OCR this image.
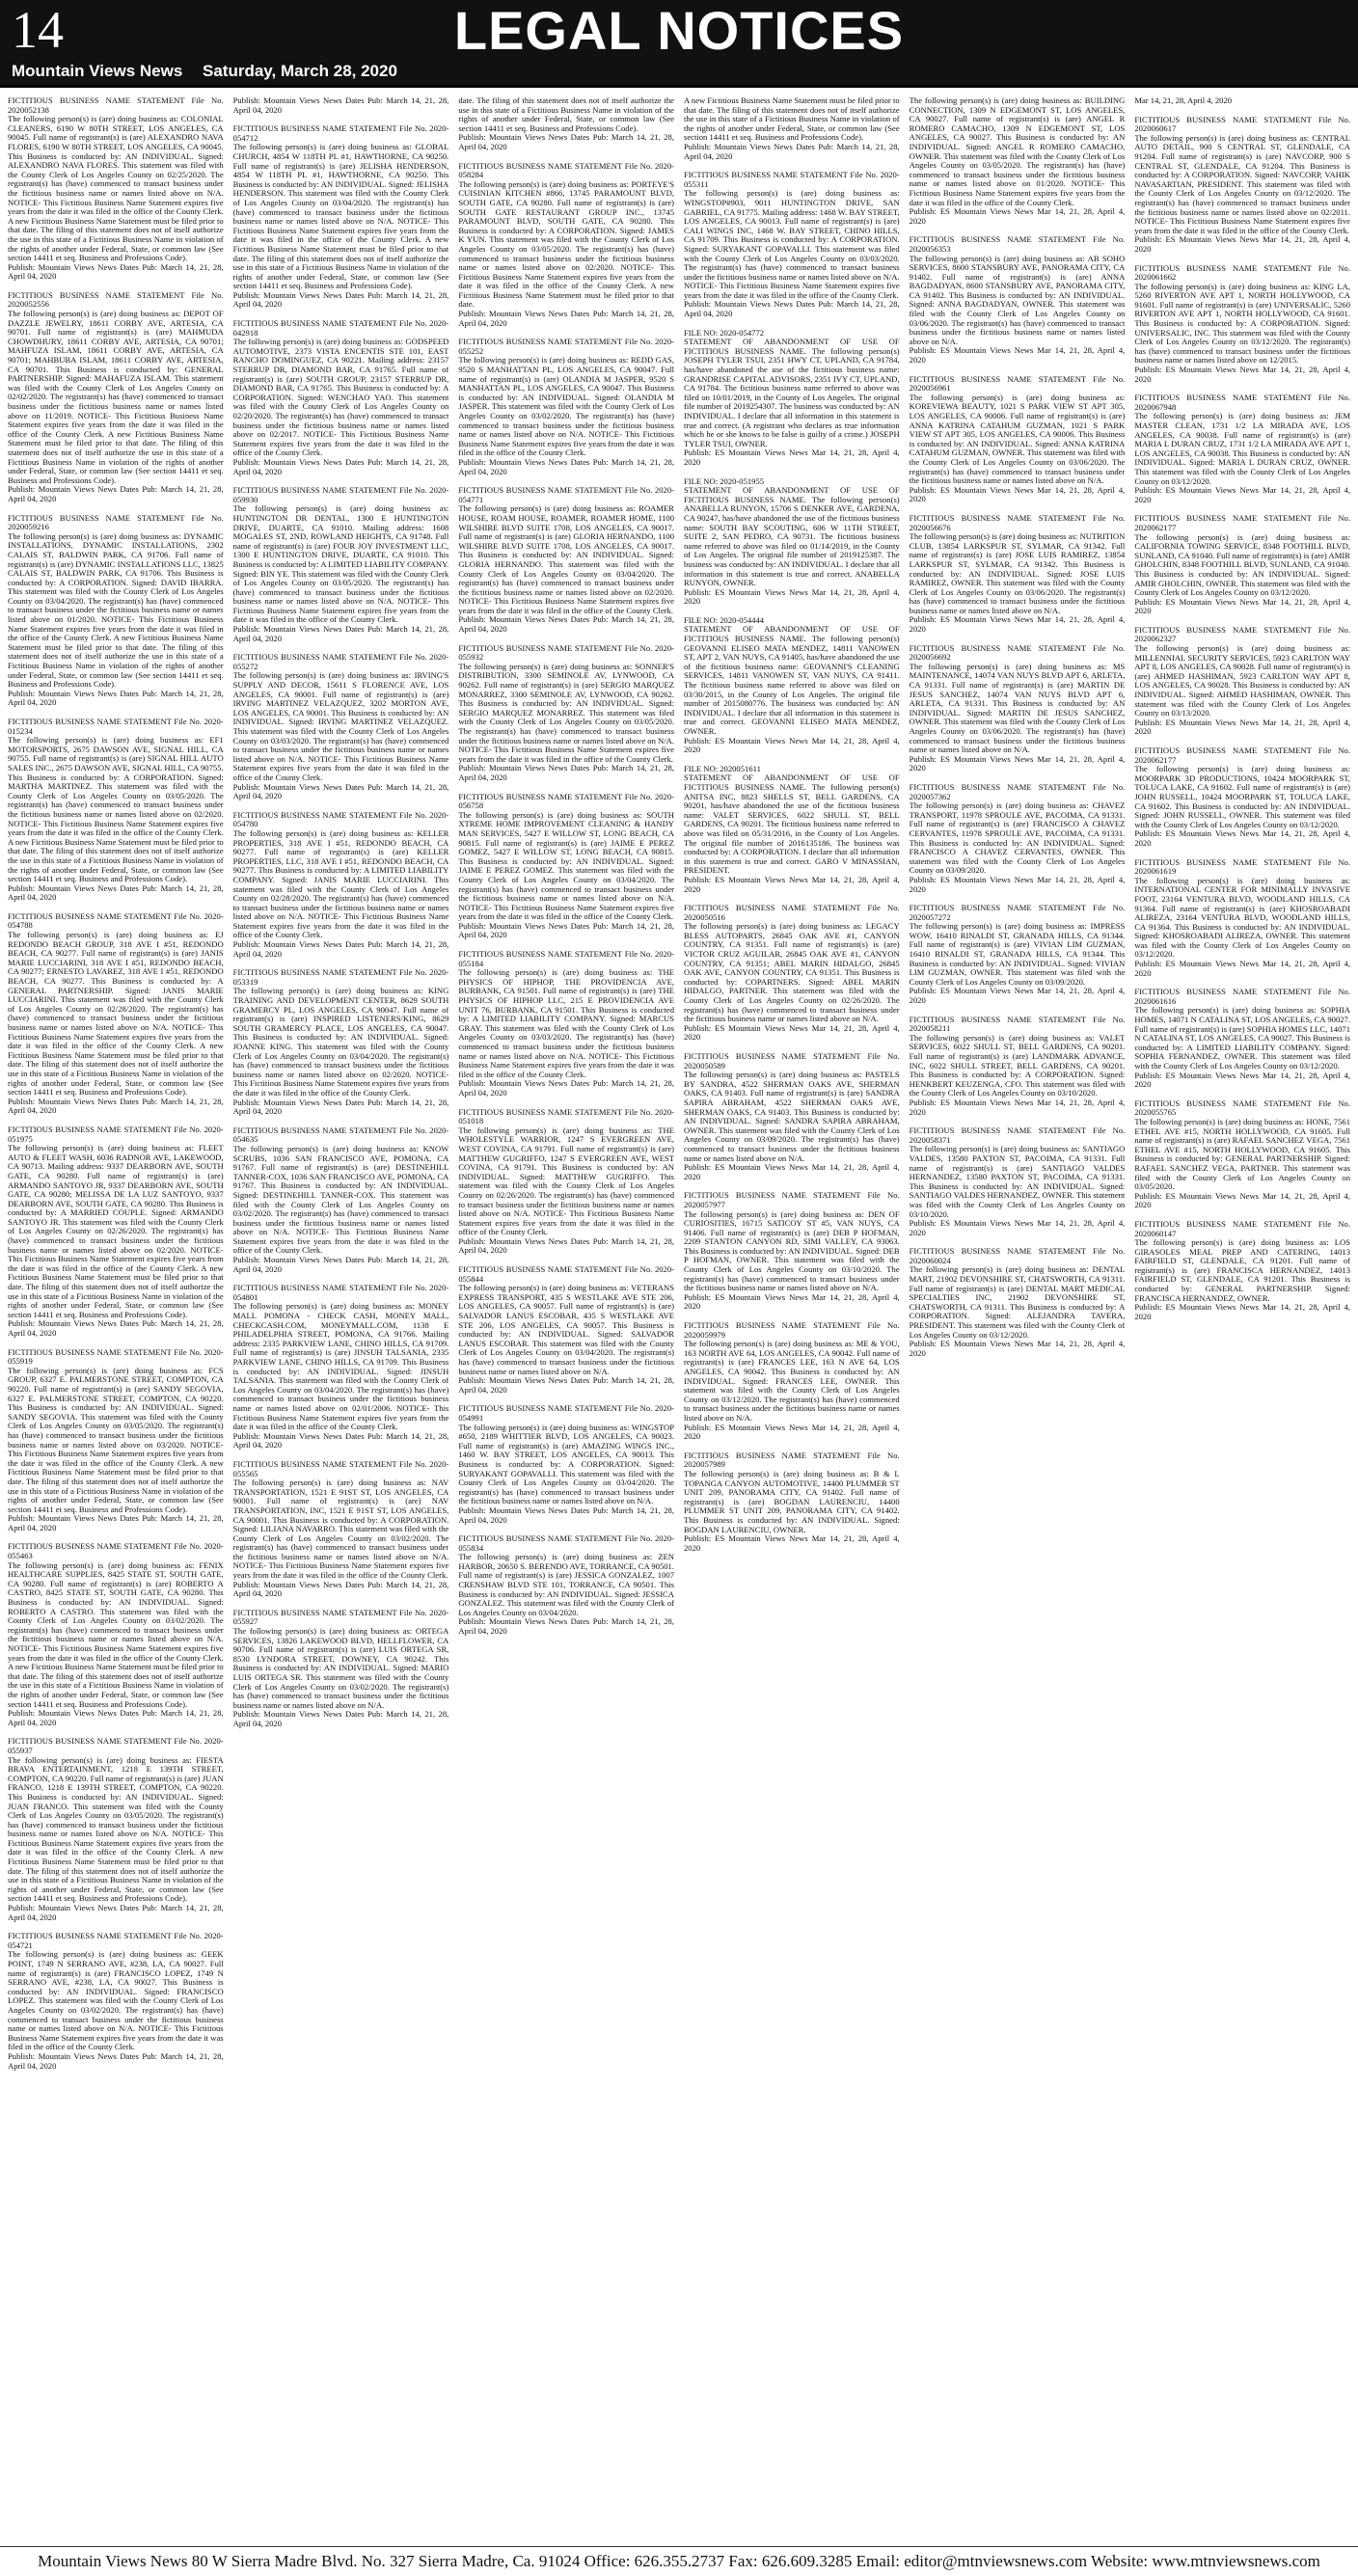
14	LEGAL NOTICES
Mountain Views News Saturday, March 28, 2020
FICTITIOUS BUSINESS NAME STATEMENT File No. 2020052138
The following person(s) is (are) doing business as: COLONIAL CLEANERS, 6190 W 80TH STREET, LOS ANGELES, CA 90045. Full name of registrant(s) is (are) ALEXANDRO NAVA FLORES, 6190 W 80TH STREET, LOS ANGELES, CA 90045. This Business is conducted by: AN INDIVIDUAL. Signed: ALEXANDRO NAVA FLORES. This statement was filed with the County Clerk of Los Angeles County on 02/25/2020. The registrant(s) has (have) commenced to transact business under the fictitious business name or names listed above on N/A. NOTICE- This Fictitious Business Name Statement expires five years from the date it was filed in the office of the County Clerk. A new Fictitious Business Name Statement must be filed prior to that date. The filing of this statement does not of itself authorize the use in this state of a Fictitious Business Name in violation of the rights of another under Federal, State, or common law (See section 14411 et seq. Business and Professions Code).
Publish: Mountain Views News Dates Pub: March 14, 21, 28, April 04, 2020
FICTITIOUS BUSINESS NAME STATEMENT File No. 2020052556
The following person(s) is (are) doing business as: DEPOT OF DAZZLE JEWELRY, 18611 CORBY AVE, ARTESIA, CA 90701. Full name of registrant(s) is (are) MAHMUDA CHOWDHURY, 18611 CORBY AVE, ARTESIA, CA 90701; MAHFUZA ISLAM, 18611 CORBY AVE, ARTESIA, CA 90701; MAHBUBA ISLAM, 18611 CORBY AVE, ARTESIA, CA 90701. This Business is conducted by: GENERAL PARTNERSHIP. Signed: MAHAFUZA ISLAM. This statement was filed with the County Clerk of Los Angeles County on 02/02/2020. The registrant(s) has (have) commenced to transact business under the fictitious business name or names listed above on 11/2019. NOTICE- This Fictitious Business Name Statement expires five years from the date it was filed in the office of the County Clerk. A new Fictitious Business Name Statement must be filed prior to that date. The filing of this statement does not of itself authorize the use in this state of a Fictitious Business Name in violation of the rights of another under Federal, State, or common law (See section 14411 et seq. Business and Professions Code).
Publish: Mountain Views News Dates Pub: March 14, 21, 28, April 04, 2020
FICTITIOUS BUSINESS NAME STATEMENT File No. 2020059216
The following person(s) is (are) doing business as: DYNAMIC INSTALLATIONS, DYNAMIC INSTALLATIONS, 2302 CALAIS ST, BALDWIN PARK, CA 91706. Full name of registrant(s) is (are) DYNAMIC INSTALLATIONS LLC, 13825 CALAIS ST, BALDWIN PARK, CA 91706. This Business is conducted by: A CORPORATION. Signed: DAVID IBARRA. This statement was filed with the County Clerk of Los Angeles County on 03/04/2020. The registrant(s) has (have) commenced to transact business under the fictitious business name or names listed above on 01/2020. NOTICE- This Fictitious Business Name Statement expires five years from the date it was filed in the office of the County Clerk. A new Fictitious Business Name Statement must be filed prior to that date. The filing of this statement does not of itself authorize the use in this state of a Fictitious Business Name in violation of the rights of another under Federal, State, or common law (See section 14411 et seq. Business and Professions Code).
Publish: Mountain Views News Dates Pub: March 14, 21, 28, April 04, 2020
FICTITIOUS BUSINESS NAME STATEMENT File No. 2020-015234
The following person(s) is (are) doing business as: EF1 MOTORSPORTS, 2675 DAWSON AVE, SIGNAL HILL, CA 90755. Full name of registrant(s) is (are) SIGNAL HILL AUTO SALES INC., 2675 DAWSON AVE, SIGNAL HILL, CA 90755. This Business is conducted by: A CORPORATION. Signed: MARTHA MARTINEZ. This statement was filed with the County Clerk of Los Angeles County on 03/05/2020. The registrant(s) has (have) commenced to transact business under the fictitious business name or names listed above on 02/2020. NOTICE- This Fictitious Business Name Statement expires five years from the date it was filed in the office of the County Clerk. A new Fictitious Business Name Statement must be filed prior to that date. The filing of this statement does not of itself authorize the use in this state of a Fictitious Business Name in violation of the rights of another under Federal, State, or common law (See section 14411 et seq. Business and Professions Code).
Publish: Mountain Views News Dates Pub: March 14, 21, 28, April 04, 2020
FICTITIOUS BUSINESS NAME STATEMENT File No. 2020-054788
The following person(s) is (are) doing business as: EJ REDONDO BEACH GROUP, 318 AVE I #51, REDONDO BEACH, CA 90277. Full name of registrant(s) is (are) JANIS MARIE LUCCIARINI, 318 AVE I #51, REDONDO BEACH, CA 90277; ERNESTO LAVAREZ, 318 AVE I #51, REDONDO BEACH, CA 90277. This Business is conducted by: A GENERAL PARTNERSHIP. Signed: JANIS MARIE LUCCIARINI. This statement was filed with the County Clerk of Los Angeles County on 02/28/2020. The registrant(s) has (have) commenced to transact business under the fictitious business name or names listed above on N/A. NOTICE- This Fictitious Business Name Statement expires five years from the date it was filed in the office of the County Clerk. A new Fictitious Business Name Statement must be filed prior to that date. The filing of this statement does not of itself authorize the use in this state of a Fictitious Business Name in violation of the rights of another under Federal, State, or common law (See section 14411 et seq. Business and Professions Code).
Publish: Mountain Views News Dates Pub: March 14, 21, 28, April 04, 2020
FICTITIOUS BUSINESS NAME STATEMENT File No. 2020-051975
The following person(s) is (are) doing business as: FLEET AUTO & FLEET WASH, 6036 RADNOR AVE, LAKEWOOD, CA 90713. Mailing address: 9337 DEARBORN AVE, SOUTH GATE, CA 90280. Full name of registrant(s) is (are) ARMANDO SANTOYO JR, 9337 DEARBORN AVE, SOUTH GATE, CA 90280; MELISSA DE LA LUZ SANTOYO, 9337 DEARBORN AVE, SOUTH GATE, CA 90280. This Business is conducted by: A MARRIED COUPLE. Signed: ARMANDO SANTOYO JR. This statement was filed with the County Clerk of Los Angeles County on 02/26/2020. The registrant(s) has (have) commenced to transact business under the fictitious business name or names listed above on 02/2020. NOTICE- This Fictitious Business Name Statement expires five years from the date it was filed in the office of the County Clerk. A new Fictitious Business Name Statement must be filed prior to that date. The filing of this statement does not of itself authorize the use in this state of a Fictitious Business Name in violation of the rights of another under Federal, State, or common law (See section 14411 et seq. Business and Professions Code).
Publish: Mountain Views News Dates Pub: March 14, 21, 28, April 04, 2020
FICTITIOUS BUSINESS NAME STATEMENT File No. 2020-055919
The following person(s) is (are) doing business as: FCS GROUP, 6327 E. PALMERSTONE STREET, COMPTON, CA 90220. Full name of registrant(s) is (are) SANDY SEGOVIA, 6327 E. PALMERSTONE STREET, COMPTON, CA 90220. This Business is conducted by: AN INDIVIDUAL. Signed: SANDY SEGOVIA. This statement was filed with the County Clerk of Los Angeles County on 03/05/2020. The registrant(s) has (have) commenced to transact business under the fictitious business name or names listed above on 03/2020. NOTICE- This Fictitious Business Name Statement expires five years from the date it was filed in the office of the County Clerk. A new Fictitious Business Name Statement must be filed prior to that date. The filing of this statement does not of itself authorize the use in this state of a Fictitious Business Name in violation of the rights of another under Federal, State, or common law (See section 14411 et seq. Business and Professions Code).
Publish: Mountain Views News Dates Pub: March 14, 21, 28, April 04, 2020
FICTITIOUS BUSINESS NAME STATEMENT File No. 2020-055463
The following person(s) is (are) doing business as: FENIX HEALTHCARE SUPPLIES, 8425 STATE ST, SOUTH GATE, CA 90280. Full name of registrant(s) is (are) ROBERTO A CASTRO, 8425 STATE ST, SOUTH GATE, CA 90280. This Business is conducted by: AN INDIVIDUAL. Signed: ROBERTO A CASTRO. This statement was filed with the County Clerk of Los Angeles County on 03/02/2020. The registrant(s) has (have) commenced to transact business under the fictitious business name or names listed above on N/A. NOTICE- This Fictitious Business Name Statement expires five years from the date it was filed in the office of the County Clerk. A new Fictitious Business Name Statement must be filed prior to that date. The filing of this statement does not of itself authorize the use in this state of a Fictitious Business Name in violation of the rights of another under Federal, State, or common law (See section 14411 et seq. Business and Professions Code).
Publish: Mountain Views News Dates Pub: March 14, 21, 28, April 04, 2020
FICTITIOUS BUSINESS NAME STATEMENT File No. 2020-055937
The following person(s) is (are) doing business as: FIESTA BRAVA ENTERTAINMENT, 1218 E 139TH STREET, COMPTON, CA 90220. Full name of registrant(s) is (are) JUAN FRANCO, 1218 E 139TH STREET, COMPTON, CA 90220. This Business is conducted by: AN INDIVIDUAL. Signed: JUAN FRANCO. This statement was filed with the County Clerk of Los Angeles County on 03/05/2020. The registrant(s) has (have) commenced to transact business under the fictitious business name or names listed above on N/A. NOTICE- This Fictitious Business Name Statement expires five years from the date it was filed in the office of the County Clerk. A new Fictitious Business Name Statement must be filed prior to that date. The filing of this statement does not of itself authorize the use in this state of a Fictitious Business Name in violation of the rights of another under Federal, State, or common law (See section 14411 et seq. Business and Professions Code).
Publish: Mountain Views News Dates Pub: March 14, 21, 28, April 04, 2020
FICTITIOUS BUSINESS NAME STATEMENT File No. 2020-054721
The following person(s) is (are) doing business as: GEEK POINT, 1749 N SERRANO AVE, #238, LA, CA 90027. Full name of registrant(s) is (are) FRANCISCO LOPEZ, 1749 N SERRANO AVE, #238, LA, CA 90027. This Business is conducted by: AN INDIVIDUAL. Signed: FRANCISCO LOPEZ. This statement was filed with the County Clerk of Los Angeles County on 03/02/2020. The registrant(s) has (have) commenced to transact business under the fictitious business name or names listed above on N/A. NOTICE- This Fictitious Business Name Statement expires five years from the date it was filed in the office of the County Clerk.
Publish: Mountain Views News Dates Pub: March 14, 21, 28, April 04, 2020
Publish: Mountain Views News Dates Pub: March 14, 21, 28, April 04, 2020
FICTITIOUS BUSINESS NAME STATEMENT File No. 2020-054712
The following person(s) is (are) doing business as: GLOBAL CHURCH, 4854 W 118TH PL #1, HAWTHORNE, CA 90250. Full name of registrant(s) is (are) JELISHA HENDERSON, 4854 W 118TH PL #1, HAWTHORNE, CA 90250. This Business is conducted by: AN INDIVIDUAL. Signed: JELISHA HENDERSON. This statement was filed with the County Clerk of Los Angeles County on 03/04/2020. The registrant(s) has (have) commenced to transact business under the fictitious business name or names listed above on N/A. NOTICE- This Fictitious Business Name Statement expires five years from the date it was filed in the office of the County Clerk. A new Fictitious Business Name Statement must be filed prior to that date. The filing of this statement does not of itself authorize the use in this state of a Fictitious Business Name in violation of the rights of another under Federal, State, or common law (See section 14411 et seq. Business and Professions Code).
Publish: Mountain Views News Dates Pub: March 14, 21, 28, April 04, 2020
FICTITIOUS BUSINESS NAME STATEMENT File No. 2020-042918
The following person(s) is (are) doing business as: GODSPEED AUTOMOTIVE, 2373 VISTA ENCENTIS STE 101, EAST RANCHO DOMINGUEZ, CA 90221. Mailing address: 23157 STERRUP DR, DIAMOND BAR, CA 91765. Full name of registrant(s) is (are) SOUTH GROUP, 23157 STERRUP DR, DIAMOND BAR, CA 91765. This Business is conducted by: A CORPORATION. Signed: WENCHAO YAO. This statement was filed with the County Clerk of Los Angeles County on 02/20/2020. The registrant(s) has (have) commenced to transact business under the fictitious business name or names listed above on 02/2017. NOTICE- This Fictitious Business Name Statement expires five years from the date it was filed in the office of the County Clerk.
Publish: Mountain Views News Dates Pub: March 14, 21, 28, April 04, 2020
FICTITIOUS BUSINESS NAME STATEMENT File No. 2020-059930
The following person(s) is (are) doing business as: HUNTINGTON DR DENTAL, 1300 E HUNTINGTON DRIVE, DUARTE, CA 91010. Mailing address: 1608 MOGALES ST, 2ND, ROWLAND HEIGHTS, CA 91748. Full name of registrant(s) is (are) FOUR JOY INVESTMENT LLC, 1300 E HUNTINGTON DRIVE, DUARTE, CA 91010. This Business is conducted by: A LIMITED LIABILITY COMPANY. Signed: BIN YE. This statement was filed with the County Clerk of Los Angeles County on 03/05/2020. The registrant(s) has (have) commenced to transact business under the fictitious business name or names listed above on N/A. NOTICE- This Fictitious Business Name Statement expires five years from the date it was filed in the office of the County Clerk.
Publish: Mountain Views News Dates Pub: March 14, 21, 28, April 04, 2020
FICTITIOUS BUSINESS NAME STATEMENT File No. 2020-055272
The following person(s) is (are) doing business as: IRVING'S SUPPLY AND DECOR, 15611 S FLORENCE AVE, LOS ANGELES, CA 90001. Full name of registrant(s) is (are) IRVING MARTINEZ VELAZQUEZ, 3202 MORTON AVE, LOS ANGELES, CA 90001. This Business is conducted by: AN INDIVIDUAL. Signed: IRVING MARTINEZ VELAZQUEZ. This statement was filed with the County Clerk of Los Angeles County on 03/03/2020. The registrant(s) has (have) commenced to transact business under the fictitious business name or names listed above on N/A. NOTICE- This Fictitious Business Name Statement expires five years from the date it was filed in the office of the County Clerk.
Publish: Mountain Views News Dates Pub: March 14, 21, 28, April 04, 2020
FICTITIOUS BUSINESS NAME STATEMENT File No. 2020-054780
The following person(s) is (are) doing business as: KELLER PROPERTIES, 318 AVE I #51, REDONDO BEACH, CA 90277. Full name of registrant(s) is (are) KELLER PROPERTIES, LLC, 318 AVE I #51, REDONDO BEACH, CA 90277. This Business is conducted by: A LIMITED LIABILITY COMPANY. Signed: JANIS MARIE LUCCIARINI. This statement was filed with the County Clerk of Los Angeles County on 02/28/2020. The registrant(s) has (have) commenced to transact business under the fictitious business name or names listed above on N/A. NOTICE- This Fictitious Business Name Statement expires five years from the date it was filed in the office of the County Clerk.
Publish: Mountain Views News Dates Pub: March 14, 21, 28, April 04, 2020
FICTITIOUS BUSINESS NAME STATEMENT File No. 2020-053319
The following person(s) is (are) doing business as: KING TRAINING AND DEVELOPMENT CENTER, 8629 SOUTH GRAMERCY PL, LOS ANGELES, CA 90047. Full name of registrant(s) is (are) INSPIRED LISTENERS/KING, 8629 SOUTH GRAMERCY PLACE, LOS ANGELES, CA 90047. This Business is conducted by: AN INDIVIDUAL. Signed: JOANNE KING. This statement was filed with the County Clerk of Los Angeles County on 03/04/2020. The registrant(s) has (have) commenced to transact business under the fictitious business name or names listed above on 02/2020. NOTICE- This Fictitious Business Name Statement expires five years from the date it was filed in the office of the County Clerk.
Publish: Mountain Views News Dates Pub: March 14, 21, 28, April 04, 2020
FICTITIOUS BUSINESS NAME STATEMENT File No. 2020-054635
The following person(s) is (are) doing business as: KNOW SCRUBS, 1036 SAN FRANCISCO AVE, POMONA, CA 91767. Full name of registrant(s) is (are) DESTINEHILL TANNER-COX, 1036 SAN FRANCISCO AVE, POMONA, CA 91767. This Business is conducted by: AN INDIVIDUAL. Signed: DESTINEHILL TANNER-COX. This statement was filed with the County Clerk of Los Angeles County on 03/02/2020. The registrant(s) has (have) commenced to transact business under the fictitious business name or names listed above on N/A. NOTICE- This Fictitious Business Name Statement expires five years from the date it was filed in the office of the County Clerk.
Publish: Mountain Views News Dates Pub: March 14, 21, 28, April 04, 2020
FICTITIOUS BUSINESS NAME STATEMENT File No. 2020-054801
The following person(s) is (are) doing business as: MONEY MALL POMONA - CHECK CASH, MONEY MALL, CHECKCASH.COM, MONEYMALL.COM, 1138 E PHILADELPHIA STREET, POMONA, CA 91766. Mailing address: 2335 PARKVIEW LANE, CHINO HILLS, CA 91709. Full name of registrant(s) is (are) JINSUH TALSANIA, 2335 PARKVIEW LANE, CHINO HILLS, CA 91709. This Business is conducted by: AN INDIVIDUAL. Signed: JINSUH TALSANIA. This statement was filed with the County Clerk of Los Angeles County on 03/04/2020. The registrant(s) has (have) commenced to transact business under the fictitious business name or names listed above on 02/01/2006. NOTICE- This Fictitious Business Name Statement expires five years from the date it was filed in the office of the County Clerk.
Publish: Mountain Views News Dates Pub: March 14, 21, 28, April 04, 2020
FICTITIOUS BUSINESS NAME STATEMENT File No. 2020-055565
The following person(s) is (are) doing business as: NAV TRANSPORTATION, 1521 E 91ST ST, LOS ANGELES, CA 90001. Full name of registrant(s) is (are) NAV TRANSPORTATION, INC, 1521 E 91ST ST, LOS ANGELES, CA 90001. This Business is conducted by: A CORPORATION. Signed: LILIANA NAVARRO. This statement was filed with the County Clerk of Los Angeles County on 03/02/2020. The registrant(s) has (have) commenced to transact business under the fictitious business name or names listed above on N/A. NOTICE- This Fictitious Business Name Statement expires five years from the date it was filed in the office of the County Clerk.
Publish: Mountain Views News Dates Pub: March 14, 21, 28, April 04, 2020
FICTITIOUS BUSINESS NAME STATEMENT File No. 2020-055927
The following person(s) is (are) doing business as: ORTEGA SERVICES, 13826 LAKEWOOD BLVD, HELLFLOWER, CA 90706. Full name of registrant(s) is (are) LUIS ORTEGA SR, 8530 LYNDORA STREET, DOWNEY, CA 90242. This Business is conducted by: AN INDIVIDUAL. Signed: MARIO LUIS ORTEGA SR. This statement was filed with the County Clerk of Los Angeles County on 03/02/2020. The registrant(s) has (have) commenced to transact business under the fictitious business name or names listed above on N/A.
Publish: Mountain Views News Dates Pub: March 14, 21, 28, April 04, 2020
date. The filing of this statement does not of itself authorize the use in this state of a Fictitious Business Name in violation of the rights of another under Federal, State, or common law (See section 14411 et seq. Business and Professions Code).
Publish: Mountain Views News Dates Pub: March 14, 21, 28, April 04, 2020
FICTITIOUS BUSINESS NAME STATEMENT File No. 2020-058284
The following person(s) is (are) doing business as: PORTEYE'S CUISINIAN KITCHEN #866, 13745 PARAMOUNT BLVD, SOUTH GATE, CA 90280. Full name of registrant(s) is (are) SOUTH GATE RESTAURANT GROUP INC., 13745 PARAMOUNT BLVD, SOUTH GATE, CA 90280. This Business is conducted by: A CORPORATION. Signed: JAMES K YUN. This statement was filed with the County Clerk of Los Angeles County on 03/05/2020. The registrant(s) has (have) commenced to transact business under the fictitious business name or names listed above on 02/2020. NOTICE- This Fictitious Business Name Statement expires five years from the date it was filed in the office of the County Clerk. A new Fictitious Business Name Statement must be filed prior to that date.
Publish: Mountain Views News Dates Pub: March 14, 21, 28, April 04, 2020
FICTITIOUS BUSINESS NAME STATEMENT File No. 2020-055252
The following person(s) is (are) doing business as: REDD GAS, 9520 S MANHATTAN PL, LOS ANGELES, CA 90047. Full name of registrant(s) is (are) OLANDIA M JASPER, 9520 S MANHATTAN PL, LOS ANGELES, CA 90047. This Business is conducted by: AN INDIVIDUAL. Signed: OLANDIA M JASPER. This statement was filed with the County Clerk of Los Angeles County on 03/02/2020. The registrant(s) has (have) commenced to transact business under the fictitious business name or names listed above on N/A. NOTICE- This Fictitious Business Name Statement expires five years from the date it was filed in the office of the County Clerk.
Publish: Mountain Views News Dates Pub: March 14, 21, 28, April 04, 2020
FICTITIOUS BUSINESS NAME STATEMENT File No. 2020-054771
The following person(s) is (are) doing business as: ROAMER HOUSE, ROAM HOUSE, ROAMER, ROAMER HOME, 1100 WILSHIRE BLVD SUITE 1708, LOS ANGELES, CA 90017. Full name of registrant(s) is (are) GLORIA HERNANDO, 1100 WILSHIRE BLVD SUITE 1708, LOS ANGELES, CA 90017. This Business is conducted by: AN INDIVIDUAL. Signed: GLORIA HERNANDO. This statement was filed with the County Clerk of Los Angeles County on 03/04/2020. The registrant(s) has (have) commenced to transact business under the fictitious business name or names listed above on 02/2020. NOTICE- This Fictitious Business Name Statement expires five years from the date it was filed in the office of the County Clerk.
Publish: Mountain Views News Dates Pub: March 14, 21, 28, April 04, 2020
FICTITIOUS BUSINESS NAME STATEMENT File No. 2020-055932
The following person(s) is (are) doing business as: SONNER'S DISTRIBUTION, 3300 SEMINOLE AV, LYNWOOD, CA 90262. Full name of registrant(s) is (are) SERGIO MARQUEZ MONARREZ, 3300 SEMINOLE AV, LYNWOOD, CA 90262. This Business is conducted by: AN INDIVIDUAL. Signed: SERGIO MARQUEZ MONARREZ. This statement was filed with the County Clerk of Los Angeles County on 03/05/2020. The registrant(s) has (have) commenced to transact business under the fictitious business name or names listed above on N/A. NOTICE- This Fictitious Business Name Statement expires five years from the date it was filed in the office of the County Clerk.
Publish: Mountain Views News Dates Pub: March 14, 21, 28, April 04, 2020
FICTITIOUS BUSINESS NAME STATEMENT File No. 2020-056758
The following person(s) is (are) doing business as: SOUTH XTREME HOME IMPROVEMENT CLEANING & HANDY MAN SERVICES, 5427 E WILLOW ST, LONG BEACH, CA 90815. Full name of registrant(s) is (are) JAIME E PEREZ GOMEZ, 5427 E WILLOW ST, LONG BEACH, CA 90815. This Business is conducted by: AN INDIVIDUAL. Signed: JAIME E PEREZ GOMEZ. This statement was filed with the County Clerk of Los Angeles County on 03/04/2020. The registrant(s) has (have) commenced to transact business under the fictitious business name or names listed above on N/A. NOTICE- This Fictitious Business Name Statement expires five years from the date it was filed in the office of the County Clerk.
Publish: Mountain Views News Dates Pub: March 14, 21, 28, April 04, 2020
FICTITIOUS BUSINESS NAME STATEMENT File No. 2020-055184
The following person(s) is (are) doing business as: THE PHYSICS OF HIPHOP, THE PROVIDENCIA AVE, BURBANK, CA 91501. Full name of registrant(s) is (are) THE PHYSICS OF HIPHOP LLC, 215 E PROVIDENCIA AVE UNIT 76, BURBANK, CA 91501. This Business is conducted by: A LIMITED LIABILITY COMPANY. Signed: MARCUS GRAY. This statement was filed with the County Clerk of Los Angeles County on 03/03/2020. The registrant(s) has (have) commenced to transact business under the fictitious business name or names listed above on N/A. NOTICE- This Fictitious Business Name Statement expires five years from the date it was filed in the office of the County Clerk.
Publish: Mountain Views News Dates Pub: March 14, 21, 28, April 04, 2020
FICTITIOUS BUSINESS NAME STATEMENT File No. 2020-051018
The following person(s) is (are) doing business as: THE WHOLESTYLE WARRIOR, 1247 S EVERGREEN AVE, WEST COVINA, CA 91791. Full name of registrant(s) is (are) MATTHEW GUGRIFFO, 1247 S EVERGREEN AVE, WEST COVINA, CA 91791. This Business is conducted by: AN INDIVIDUAL. Signed: MATTHEW GUGRIFFO. This statement was filed with the County Clerk of Los Angeles County on 02/26/2020. The registrant(s) has (have) commenced to transact business under the fictitious business name or names listed above on N/A. NOTICE- This Fictitious Business Name Statement expires five years from the date it was filed in the office of the County Clerk.
Publish: Mountain Views News Dates Pub: March 14, 21, 28, April 04, 2020
FICTITIOUS BUSINESS NAME STATEMENT File No. 2020-055844
The following person(s) is (are) doing business as: VETERANS EXPRESS TRANSPORT, 435 S WESTLAKE AVE STE 206, LOS ANGELES, CA 90057. Full name of registrant(s) is (are) SALVADOR LANUS ESCOBAR, 435 S WESTLAKE AVE STE 206, LOS ANGELES, CA 90057. This Business is conducted by: AN INDIVIDUAL. Signed: SALVADOR LANUS ESCOBAR. This statement was filed with the County Clerk of Los Angeles County on 03/04/2020. The registrant(s) has (have) commenced to transact business under the fictitious business name or names listed above on N/A.
Publish: Mountain Views News Dates Pub: March 14, 21, 28, April 04, 2020
FICTITIOUS BUSINESS NAME STATEMENT File No. 2020-054991
The following person(s) is (are) doing business as: WINGSTOP #650, 2189 WHITTIER BLVD, LOS ANGELES, CA 90023. Full name of registrant(s) is (are) AMAZING WINGS INC., 1460 W. BAY STREET, LOS ANGELES, CA 90013. This Business is conducted by: A CORPORATION. Signed: SURYAKANT GOPAVALLI. This statement was filed with the County Clerk of Los Angeles County on 03/04/2020. The registrant(s) has (have) commenced to transact business under the fictitious business name or names listed above on N/A.
Publish: Mountain Views News Dates Pub: March 14, 21, 28, April 04, 2020
FICTITIOUS BUSINESS NAME STATEMENT File No. 2020-055834
The following person(s) is (are) doing business as: ZEN HARBOR, 20650 S. BERENDO AVE, TORRANCE, CA 90501. Full name of registrant(s) is (are) JESSICA GONZALEZ, 1007 CRENSHAW BLVD STE 101, TORRANCE, CA 90501. This Business is conducted by: AN INDIVIDUAL. Signed: JESSICA GONZALEZ. This statement was filed with the County Clerk of Los Angeles County on 03/04/2020.
Publish: Mountain Views News Dates Pub: March 14, 21, 28, April 04, 2020
A new Fictitious Business Name Statement must be filed prior to that date. The filing of this statement does not of itself authorize the use in this state of a Fictitious Business Name in violation of the rights of another under Federal, State, or common law (See section 14411 et seq. Business and Professions Code).
Publish: Mountain Views News Dates Pub: March 14, 21, 28, April 04, 2020
FICTITIOUS BUSINESS NAME STATEMENT File No. 2020-055311
The following person(s) is (are) doing business as: WINGSTOP#903, 9011 HUNTINGTON DRIVE, SAN GABRIEL, CA 91775. Mailing address: 1468 W. BAY STREET, LOS ANGELES, CA 90013. Full name of registrant(s) is (are) CALI WINGS INC, 1468 W. BAY STREET, CHINO HILLS, CA 91709. This Business is conducted by: A CORPORATION. Signed: SURYAKANT GOPAVALLI. This statement was filed with the County Clerk of Los Angeles County on 03/03/2020. The registrant(s) has (have) commenced to transact business under the fictitious business name or names listed above on N/A. NOTICE- This Fictitious Business Name Statement expires five years from the date it was filed in the office of the County Clerk.
Publish: Mountain Views News Dates Pub: March 14, 21, 28, April 04, 2020
FILE NO: 2020-054772
STATEMENT OF ABANDONMENT OF USE OF FICTITIOUS BUSINESS NAME. The following person(s) JOSEPH TYLER TSUI, 2351 HWY CT, UPLAND, CA 91784, has/have abandoned the use of the fictitious business name: GRANDRISE CAPITAL ADVISORS, 2351 IVY CT, UPLAND, CA 91784. The fictitious business name referred to above was filed on 10/01/2019, in the County of Los Angeles. The original file number of 2019254307. The business was conducted by: AN INDIVIDUAL. I declare that all information in this statement is true and correct. (A registrant who declares as true information which he or she knows to be false is guilty of a crime.) JOSEPH TYLER TSUI, OWNER.
Publish: ES Mountain Views News Mar 14, 21, 28, April 4, 2020
FILE NO: 2020-051955
STATEMENT OF ABANDONMENT OF USE OF FICTITIOUS BUSINESS NAME. The following person(s) ANABELLA RUNYON, 15706 S DENKER AVE, GARDENA, CA 90247, has/have abandoned the use of the fictitious business name: SOUTH BAY SCOUTING, 606 W 11TH STREET, SUITE 2, SAN PEDRO, CA 90731. The fictitious business name referred to above was filed on 01/14/2019, in the County of Los Angeles. The original file number of 2019125387. The business was conducted by: AN INDIVIDUAL. I declare that all information in this statement is true and correct. ANABELLA RUNYON, OWNER.
Publish: ES Mountain Views News Mar 14, 21, 28, April 4, 2020
FILE NO: 2020-054444
STATEMENT OF ABANDONMENT OF USE OF FICTITIOUS BUSINESS NAME. The following person(s) GEOVANNI ELISEO MATA MENDEZ, 14811 VANOWEN ST, APT 2, VAN NUYS, CA 91405, has/have abandoned the use of the fictitious business name: GEOVANNI'S CLEANING SERVICES, 14811 VANOWEN ST, VAN NUYS, CA 91411. The fictitious business name referred to above was filed on 03/30/2015, in the County of Los Angeles. The original file number of 2015080776. The business was conducted by: AN INDIVIDUAL. I declare that all information in this statement is true and correct. GEOVANNI ELISEO MATA MENDEZ, OWNER.
Publish: ES Mountain Views News Mar 14, 21, 28, April 4, 2020
FILE NO: 2020051611
STATEMENT OF ABANDONMENT OF USE OF FICTITIOUS BUSINESS NAME. The following person(s) ANITSA INC, 8823 SHELLS ST, BELL GARDENS, CA 90201, has/have abandoned the use of the fictitious business name: VALET SERVICES, 6022 SHULL ST, BELL GARDENS, CA 90201. The fictitious business name referred to above was filed on 05/31/2016, in the County of Los Angeles. The original file number of 2016135186. The business was conducted by: A CORPORATION. I declare that all information in this statement is true and correct. GARO V MINASSIAN, PRESIDENT.
Publish: ES Mountain Views News Mar 14, 21, 28, April 4, 2020
FICTITIOUS BUSINESS NAME STATEMENT File No. 2020050516
The following person(s) is (are) doing business as: LEGACY BLESS AUTOPARTS, 26845 OAK AVE #1, CANYON COUNTRY, CA 91351. Full name of registrant(s) is (are) VICTOR CRUZ AGUILAR, 26845 OAK AVE #1, CANYON COUNTRY, CA 91351; ABEL MARIN HIDALGO, 26845 OAK AVE, CANYON COUNTRY, CA 91351. This Business is conducted by: COPARTNERS. Signed: ABEL MARIN HIDALGO, PARTNER. This statement was filed with the County Clerk of Los Angeles County on 02/26/2020. The registrant(s) has (have) commenced to transact business under the fictitious business name or names listed above on N/A.
Publish: ES Mountain Views News Mar 14, 21, 28, April 4, 2020
FICTITIOUS BUSINESS NAME STATEMENT File No. 2020050589
The following person(s) is (are) doing business as: PASTELS BY SANDRA, 4522 SHERMAN OAKS AVE, SHERMAN OAKS, CA 91403. Full name of registrant(s) is (are) SANDRA SAPIRA ABRAHAM, 4522 SHERMAN OAKS AVE, SHERMAN OAKS, CA 91403. This Business is conducted by: AN INDIVIDUAL. Signed: SANDRA SAPIRA ABRAHAM, OWNER. This statement was filed with the County Clerk of Los Angeles County on 03/09/2020. The registrant(s) has (have) commenced to transact business under the fictitious business name or names listed above on N/A.
Publish: ES Mountain Views News Mar 14, 21, 28, April 4, 2020
FICTITIOUS BUSINESS NAME STATEMENT File No. 2020057977
The following person(s) is (are) doing business as: DEN OF CURIOSITIES, 16715 SATICOY ST #5, VAN NUYS, CA 91406. Full name of registrant(s) is (are) DEB P HOFMAN, 2209 STANTON CANYON RD, SIMI VALLEY, CA 93063. This Business is conducted by: AN INDIVIDUAL. Signed: DEB P HOFMAN, OWNER. This statement was filed with the County Clerk of Los Angeles County on 03/10/2020. The registrant(s) has (have) commenced to transact business under the fictitious business name or names listed above on N/A.
Publish: ES Mountain Views News Mar 14, 21, 28, April 4, 2020
FICTITIOUS BUSINESS NAME STATEMENT File No. 2020059979
The following person(s) is (are) doing business as: ME & YOU, 163 NORTH AVE 64, LOS ANGELES, CA 90042. Full name of registrant(s) is (are) FRANCES LEE, 163 N AVE 64, LOS ANGELES, CA 90042. This Business is conducted by: AN INDIVIDUAL. Signed: FRANCES LEE, OWNER. This statement was filed with the County Clerk of Los Angeles County on 03/12/2020. The registrant(s) has (have) commenced to transact business under the fictitious business name or names listed above on N/A.
Publish: ES Mountain Views News Mar 14, 21, 28, April 4, 2020
FICTITIOUS BUSINESS NAME STATEMENT File No. 2020057989
The following person(s) is (are) doing business as: B & L TOPANGA CANYON AUTOMOTIVE, 14400 PLUMMER ST UNIT 209, PANORAMA CITY, CA 91402. Full name of registrant(s) is (are) BOGDAN LAURENCIU, 14400 PLUMMER ST UNIT 209, PANORAMA CITY, CA 91402. This Business is conducted by: AN INDIVIDUAL. Signed: BOGDAN LAURENCIU, OWNER.
Publish: ES Mountain Views News Mar 14, 21, 28, April 4, 2020
The following person(s) is (are) doing business as: BUILDING CONNECTION, 1309 N EDGEMONT ST, LOS ANGELES, CA 90027. Full name of registrant(s) is (are) ANGEL R ROMERO CAMACHO, 1309 N EDGEMONT ST, LOS ANGELES, CA 90027. This Business is conducted by: AN INDIVIDUAL. Signed: ANGEL R ROMERO CAMACHO, OWNER. This statement was filed with the County Clerk of Los Angeles County on 03/05/2020. The registrant(s) has (have) commenced to transact business under the fictitious business name or names listed above on 01/2020. NOTICE- This Fictitious Business Name Statement expires five years from the date it was filed in the office of the County Clerk.
Publish: ES Mountain Views News Mar 14, 21, 28, April 4, 2020
FICTITIOUS BUSINESS NAME STATEMENT File No. 2020056353
The following person(s) is (are) doing business as: AB SOHO SERVICES, 8600 STANSBURY AVE, PANORAMA CITY, CA 91402. Full name of registrant(s) is (are) ANNA BAGDADYAN, 8600 STANSBURY AVE, PANORAMA CITY, CA 91402. This Business is conducted by: AN INDIVIDUAL. Signed: ANNA BAGDADYAN, OWNER. This statement was filed with the County Clerk of Los Angeles County on 03/06/2020. The registrant(s) has (have) commenced to transact business under the fictitious business name or names listed above on N/A.
Publish: ES Mountain Views News Mar 14, 21, 28, April 4, 2020
FICTITIOUS BUSINESS NAME STATEMENT File No. 2020056961
The following person(s) is (are) doing business as: KOREVIEWA BEAUTY, 1021 S PARK VIEW ST APT 305, LOS ANGELES, CA 90006. Full name of registrant(s) is (are) ANNA KATRINA CATAHUM GUZMAN, 1021 S PARK VIEW ST APT 305, LOS ANGELES, CA 90006. This Business is conducted by: AN INDIVIDUAL. Signed: ANNA KATRINA CATAHUM GUZMAN, OWNER. This statement was filed with the County Clerk of Los Angeles County on 03/06/2020. The registrant(s) has (have) commenced to transact business under the fictitious business name or names listed above on N/A.
Publish: ES Mountain Views News Mar 14, 21, 28, April 4, 2020
FICTITIOUS BUSINESS NAME STATEMENT File No. 2020056676
The following person(s) is (are) doing business as: NUTRITION CLUB, 13854 LARKSPUR ST, SYLMAR, CA 91342. Full name of registrant(s) is (are) JOSE LUIS RAMIREZ, 13854 LARKSPUR ST, SYLMAR, CA 91342. This Business is conducted by: AN INDIVIDUAL. Signed: JOSE LUIS RAMIREZ, OWNER. This statement was filed with the County Clerk of Los Angeles County on 03/06/2020. The registrant(s) has (have) commenced to transact business under the fictitious business name or names listed above on N/A.
Publish: ES Mountain Views News Mar 14, 21, 28, April 4, 2020
FICTITIOUS BUSINESS NAME STATEMENT File No. 2020056692
The following person(s) is (are) doing business as: MS MAINTENANCE, 14074 VAN NUYS BLVD APT 6, ARLETA, CA 91331. Full name of registrant(s) is (are) MARTIN DE JESUS SANCHEZ, 14074 VAN NUYS BLVD APT 6, ARLETA, CA 91331. This Business is conducted by: AN INDIVIDUAL. Signed: MARTIN DE JESUS SANCHEZ, OWNER. This statement was filed with the County Clerk of Los Angeles County on 03/06/2020. The registrant(s) has (have) commenced to transact business under the fictitious business name or names listed above on N/A.
Publish: ES Mountain Views News Mar 14, 21, 28, April 4, 2020
FICTITIOUS BUSINESS NAME STATEMENT File No. 2020057362
The following person(s) is (are) doing business as: CHAVEZ TRANSPORT, 11978 SPROULE AVE, PACOIMA, CA 91331. Full name of registrant(s) is (are) FRANCISCO A CHAVEZ CERVANTES, 11978 SPROULE AVE, PACOIMA, CA 91331. This Business is conducted by: AN INDIVIDUAL. Signed: FRANCISCO A CHAVEZ CERVANTES, OWNER. This statement was filed with the County Clerk of Los Angeles County on 03/09/2020.
Publish: ES Mountain Views News Mar 14, 21, 28, April 4, 2020
FICTITIOUS BUSINESS NAME STATEMENT File No. 2020057272
The following person(s) is (are) doing business as: IMPRESS WOW, 16410 RINALDI ST, GRANADA HILLS, CA 91344. Full name of registrant(s) is (are) VIVIAN LIM GUZMAN, 16410 RINALDI ST, GRANADA HILLS, CA 91344. This Business is conducted by: AN INDIVIDUAL. Signed: VIVIAN LIM GUZMAN, OWNER. This statement was filed with the County Clerk of Los Angeles County on 03/09/2020.
Publish: ES Mountain Views News Mar 14, 21, 28, April 4, 2020
FICTITIOUS BUSINESS NAME STATEMENT File No. 2020058211
The following person(s) is (are) doing business as: VALET SERVICES, 6022 SHULL ST, BELL GARDENS, CA 90201. Full name of registrant(s) is (are) LANDMARK ADVANCE, INC, 6022 SHULL STREET, BELL GARDENS, CA 90201. This Business is conducted by: A CORPORATION. Signed: HENKBERT KEUZENGA, CFO. This statement was filed with the County Clerk of Los Angeles County on 03/10/2020.
Publish: ES Mountain Views News Mar 14, 21, 28, April 4, 2020
FICTITIOUS BUSINESS NAME STATEMENT File No. 2020058371
The following person(s) is (are) doing business as: SANTIAGO VALDES, 13580 PAXTON ST, PACOIMA, CA 91331. Full name of registrant(s) is (are) SANTIAGO VALDES HERNANDEZ, 13580 PAXTON ST, PACOIMA, CA 91331. This Business is conducted by: AN INDIVIDUAL. Signed: SANTIAGO VALDES HERNANDEZ, OWNER. This statement was filed with the County Clerk of Los Angeles County on 03/10/2020.
Publish: ES Mountain Views News Mar 14, 21, 28, April 4, 2020
FICTITIOUS BUSINESS NAME STATEMENT File No. 2020060024
The following person(s) is (are) doing business as: DENTAL MART, 21902 DEVONSHIRE ST, CHATSWORTH, CA 91311. Full name of registrant(s) is (are) DENTAL MART MEDICAL SPECIALTIES INC, 21902 DEVONSHIRE ST, CHATSWORTH, CA 91311. This Business is conducted by: A CORPORATION. Signed: ALEJANDRA TAVERA, PRESIDENT. This statement was filed with the County Clerk of Los Angeles County on 03/12/2020.
Publish: ES Mountain Views News Mar 14, 21, 28, April 4, 2020
Mar 14, 21, 28, April 4, 2020
FICTITIOUS BUSINESS NAME STATEMENT File No. 2020060617
The following person(s) is (are) doing business as: CENTRAL AUTO DETAIL, 900 S CENTRAL ST, GLENDALE, CA 91204. Full name of registrant(s) is (are) NAVCORP, 900 S CENTRAL ST, GLENDALE, CA 91204. This Business is conducted by: A CORPORATION. Signed: NAVCORP, VAHIK NAVASARTIAN, PRESIDENT. This statement was filed with the County Clerk of Los Angeles County on 03/12/2020. The registrant(s) has (have) commenced to transact business under the fictitious business name or names listed above on 02/2011. NOTICE- This Fictitious Business Name Statement expires five years from the date it was filed in the office of the County Clerk.
Publish: ES Mountain Views News Mar 14, 21, 28, April 4, 2020
FICTITIOUS BUSINESS NAME STATEMENT File No. 2020061662
The following person(s) is (are) doing business as: KING LA, 5260 RIVERTON AVE APT 1, NORTH HOLLYWOOD, CA 91601. Full name of registrant(s) is (are) UNIVERSALIC, 5260 RIVERTON AVE APT 1, NORTH HOLLYWOOD, CA 91601. This Business is conducted by: A CORPORATION. Signed: UNIVERSALIC, INC. This statement was filed with the County Clerk of Los Angeles County on 03/12/2020. The registrant(s) has (have) commenced to transact business under the fictitious business name or names listed above on 12/2015.
Publish: ES Mountain Views News Mar 14, 21, 28, April 4, 2020
FICTITIOUS BUSINESS NAME STATEMENT File No. 2020067948
The following person(s) is (are) doing business as: JEM MASTER CLEAN, 1731 1/2 LA MIRADA AVE, LOS ANGELES, CA 90038. Full name of registrant(s) is (are) MARIA L DURAN CRUZ, 1731 1/2 LA MIRADA AVE APT 1, LOS ANGELES, CA 90038. This Business is conducted by: AN INDIVIDUAL. Signed: MARIA L DURAN CRUZ, OWNER. This statement was filed with the County Clerk of Los Angeles County on 03/12/2020.
Publish: ES Mountain Views News Mar 14, 21, 28, April 4, 2020
FICTITIOUS BUSINESS NAME STATEMENT File No. 2020062177
The following person(s) is (are) doing business as: CALIFORNIA TOWING SERVICE, 8348 FOOTHILL BLVD, SUNLAND, CA 91040. Full name of registrant(s) is (are) AMIR GHOLCHIN, 8348 FOOTHILL BLVD, SUNLAND, CA 91040. This Business is conducted by: AN INDIVIDUAL. Signed: AMIR GHOLCHIN, OWNER. This statement was filed with the County Clerk of Los Angeles County on 03/12/2020.
Publish: ES Mountain Views News Mar 14, 21, 28, April 4, 2020
FICTITIOUS BUSINESS NAME STATEMENT File No. 2020062327
The following person(s) is (are) doing business as: MILLENNIAL SECURITY SERVICES, 5923 CARLTON WAY APT 8, LOS ANGELES, CA 90028. Full name of registrant(s) is (are) AHMED HASHIMAN, 5923 CARLTON WAY APT 8, LOS ANGELES, CA 90028. This Business is conducted by: AN INDIVIDUAL. Signed: AHMED HASHIMAN, OWNER. This statement was filed with the County Clerk of Los Angeles County on 03/13/2020.
Publish: ES Mountain Views News Mar 14, 21, 28, April 4, 2020
FICTITIOUS BUSINESS NAME STATEMENT File No. 2020062177
The following person(s) is (are) doing business as: MOORPARK 3D PRODUCTIONS, 10424 MOORPARK ST, TOLUCA LAKE, CA 91602. Full name of registrant(s) is (are) JOHN RUSSELL, 10424 MOORPARK ST, TOLUCA LAKE, CA 91602. This Business is conducted by: AN INDIVIDUAL. Signed: JOHN RUSSELL, OWNER. This statement was filed with the County Clerk of Los Angeles County on 03/12/2020.
Publish: ES Mountain Views News Mar 14, 21, 28, April 4, 2020
FICTITIOUS BUSINESS NAME STATEMENT File No. 2020061619
The following person(s) is (are) doing business as: INTERNATIONAL CENTER FOR MINIMALLY INVASIVE FOOT, 23164 VENTURA BLVD, WOODLAND HILLS, CA 91364. Full name of registrant(s) is (are) KHOSROABADI ALIREZA, 23164 VENTURA BLVD, WOODLAND HILLS, CA 91364. This Business is conducted by: AN INDIVIDUAL. Signed: KHOSROABADI ALIREZA, OWNER. This statement was filed with the County Clerk of Los Angeles County on 03/12/2020.
Publish: ES Mountain Views News Mar 14, 21, 28, April 4, 2020
FICTITIOUS BUSINESS NAME STATEMENT File No. 2020061616
The following person(s) is (are) doing business as: SOPHIA HOMES, 14071 N CATALINA ST, LOS ANGELES, CA 90027. Full name of registrant(s) is (are) SOPHIA HOMES LLC, 14071 N CATALINA ST, LOS ANGELES, CA 90027. This Business is conducted by: A LIMITED LIABILITY COMPANY. Signed: SOPHIA FERNANDEZ, OWNER. This statement was filed with the County Clerk of Los Angeles County on 03/12/2020.
Publish: ES Mountain Views News Mar 14, 21, 28, April 4, 2020
FICTITIOUS BUSINESS NAME STATEMENT File No. 2020055765
The following person(s) is (are) doing business as: HONE, 7561 ETHEL AVE #15, NORTH HOLLYWOOD, CA 91605. Full name of registrant(s) is (are) RAFAEL SANCHEZ VEGA, 7561 ETHEL AVE #15, NORTH HOLLYWOOD, CA 91605. This Business is conducted by: GENERAL PARTNERSHIP. Signed: RAFAEL SANCHEZ VEGA, PARTNER. This statement was filed with the County Clerk of Los Angeles County on 03/05/2020.
Publish: ES Mountain Views News Mar 14, 21, 28, April 4, 2020
FICTITIOUS BUSINESS NAME STATEMENT File No. 2020060147
The following person(s) is (are) doing business as: LOS GIRASOLES MEAL PREP AND CATERING, 14013 FAIRFIELD ST, GLENDALE, CA 91201. Full name of registrant(s) is (are) FRANCISCA HERNANDEZ, 14013 FAIRFIELD ST, GLENDALE, CA 91201. This Business is conducted by: GENERAL PARTNERSHIP. Signed: FRANCISCA HERNANDEZ, OWNER.
Publish: ES Mountain Views News Mar 14, 21, 28, April 4, 2020
Mountain Views News 80 W Sierra Madre Blvd. No. 327 Sierra Madre, Ca. 91024 Office: 626.355.2737 Fax: 626.609.3285 Email: editor@mtnviewsnews.com Website: www.mtnviewsnews.com
